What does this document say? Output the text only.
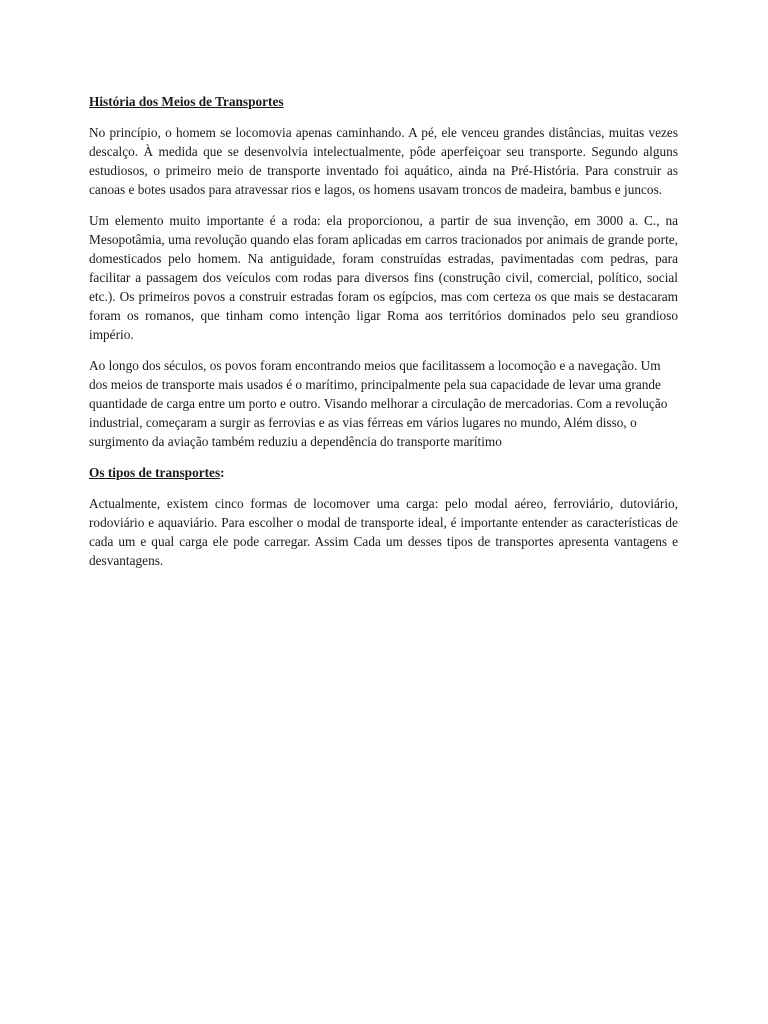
História dos Meios de Transportes

No princípio, o homem se locomovia apenas caminhando. A pé, ele venceu grandes distâncias, muitas vezes descalço. À medida que se desenvolvia intelectualmente, pôde aperfeiçoar seu transporte. Segundo alguns estudiosos, o primeiro meio de transporte inventado foi aquático, ainda na Pré-História. Para construir as canoas e botes usados para atravessar rios e lagos, os homens usavam troncos de madeira, bambus e juncos.

Um elemento muito importante é a roda: ela proporcionou, a partir de sua invenção, em 3000 a. C., na Mesopotâmia, uma revolução quando elas foram aplicadas em carros tracionados por animais de grande porte, domesticados pelo homem. Na antiguidade, foram construídas estradas, pavimentadas com pedras, para facilitar a passagem dos veículos com rodas para diversos fins (construção civil, comercial, político, social etc.). Os primeiros povos a construir estradas foram os egípcios, mas com certeza os que mais se destacaram foram os romanos, que tinham como intenção ligar Roma aos territórios dominados pelo seu grandioso império.

Ao longo dos séculos, os povos foram encontrando meios que facilitassem a locomoção e a navegação. Um dos meios de transporte mais usados é o marítimo, principalmente pela sua capacidade de levar uma grande quantidade de carga entre um porto e outro. Visando melhorar a circulação de mercadorias. Com a revolução industrial, começaram a surgir as ferrovias e as vias férreas em vários lugares no mundo, Além disso, o surgimento da aviação também reduziu a dependência do transporte marítimo

Os tipos de transportes:

Actualmente, existem cinco formas de locomover uma carga: pelo modal aéreo, ferroviário, dutoviário, rodoviário e aquaviário. Para escolher o modal de transporte ideal, é importante entender as características de cada um e qual carga ele pode carregar. Assim Cada um desses tipos de transportes apresenta vantagens e desvantagens.
